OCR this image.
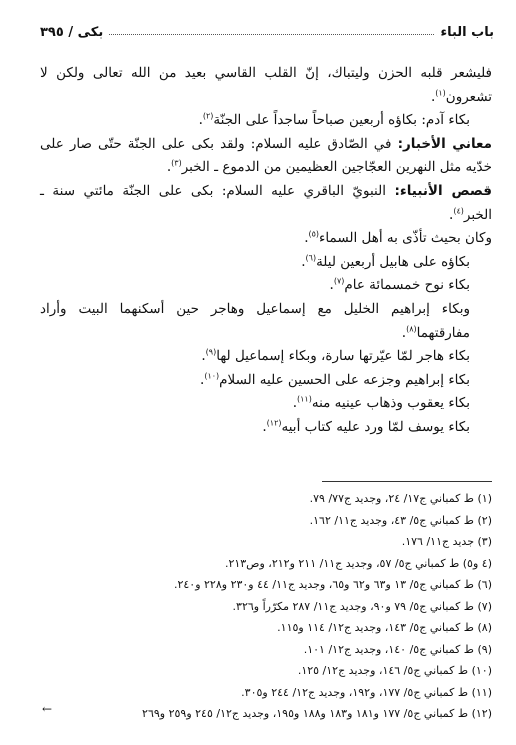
باب الباء
بكى / ٣٩٥

فليشعر قلبه الحزن وليتباك، إنّ القلب القاسي بعيد من الله تعالى ولكن لا تشعرون$^{(١)}$.

بكاء آدم: بكاؤه أربعين صباحاً ساجداً على الجنّة$^{(٢)}$.

معاني الأخبار: في الصّادق عليه السلام: ولقد بكى على الجنّة حتّى صار على خدّيه مثل النهرين العجّاجين العظيمين من الدموع ـ الخبر$^{(٣)}$.

قصص الأنبياء: النبويّ الباقري عليه السلام: بكى على الجنّة مائتي سنة ـ الخبر$^{(٤)}$.

وكان بحيث تأذّى به أهل السماء$^{(٥)}$.

بكاؤه على هابيل أربعين ليلة$^{(٦)}$.

بكاء نوح خمسمائة عام$^{(٧)}$.

وبكاء إبراهيم الخليل مع إسماعيل وهاجر حين أسكنهما البيت وأراد مفارقتهما$^{(٨)}$.

بكاء هاجر لمّا عيّرتها سارة، وبكاء إسماعيل لها$^{(٩)}$.

بكاء إبراهيم وجزعه على الحسين عليه السلام$^{(١٠)}$.

بكاء يعقوب وذهاب عينيه منه$^{(١١)}$.

بكاء يوسف لمّا ورد عليه كتاب أبيه$^{(١٢)}$.

(١) ط كمباني ج١٧/ ٢٤، وجديد ج٧٧/ ٧٩.
(٢) ط كمباني ج٥/ ٤٣، وجديد ج١١/ ١٦٢.
(٣) جديد ج١١/ ١٧٦.
(٤ و٥) ط كمباني ج٥/ ٥٧، وجديد ج١١/ ٢١١ و٢١٢، وص٢١٣.
(٦) ط كمباني ج٥/ ١٣ و٦٣ و٦٢ و٦٥، وجديد ج١١/ ٤٤ و٢٣٠ و٢٢٨ و٢٤٠.
(٧) ط كمباني ج٥/ ٧٩ و٩٠، وجديد ج١١/ ٢٨٧ مكرّراً و٣٢٦.
(٨) ط كمباني ج٥/ ١٤٣، وجديد ج١٢/ ١١٤ و١١٥.
(٩) ط كمباني ج٥/ ١٤٠، وجديد ج١٢/ ١٠١.
(١٠) ط كمباني ج٥/ ١٤٦، وجديد ج١٢/ ١٢٥.
(١١) ط كمباني ج٥/ ١٧٧، و١٩٢، وجديد ج١٢/ ٢٤٤ و٣٠٥.
(١٢) ط كمباني ج٥/ ١٧٧ و١٨١ و١٨٣ و١٨٨ و١٩٥، وجديد ج١٢/ ٢٤٥ و٢٥٩ و٢٦٩
←
